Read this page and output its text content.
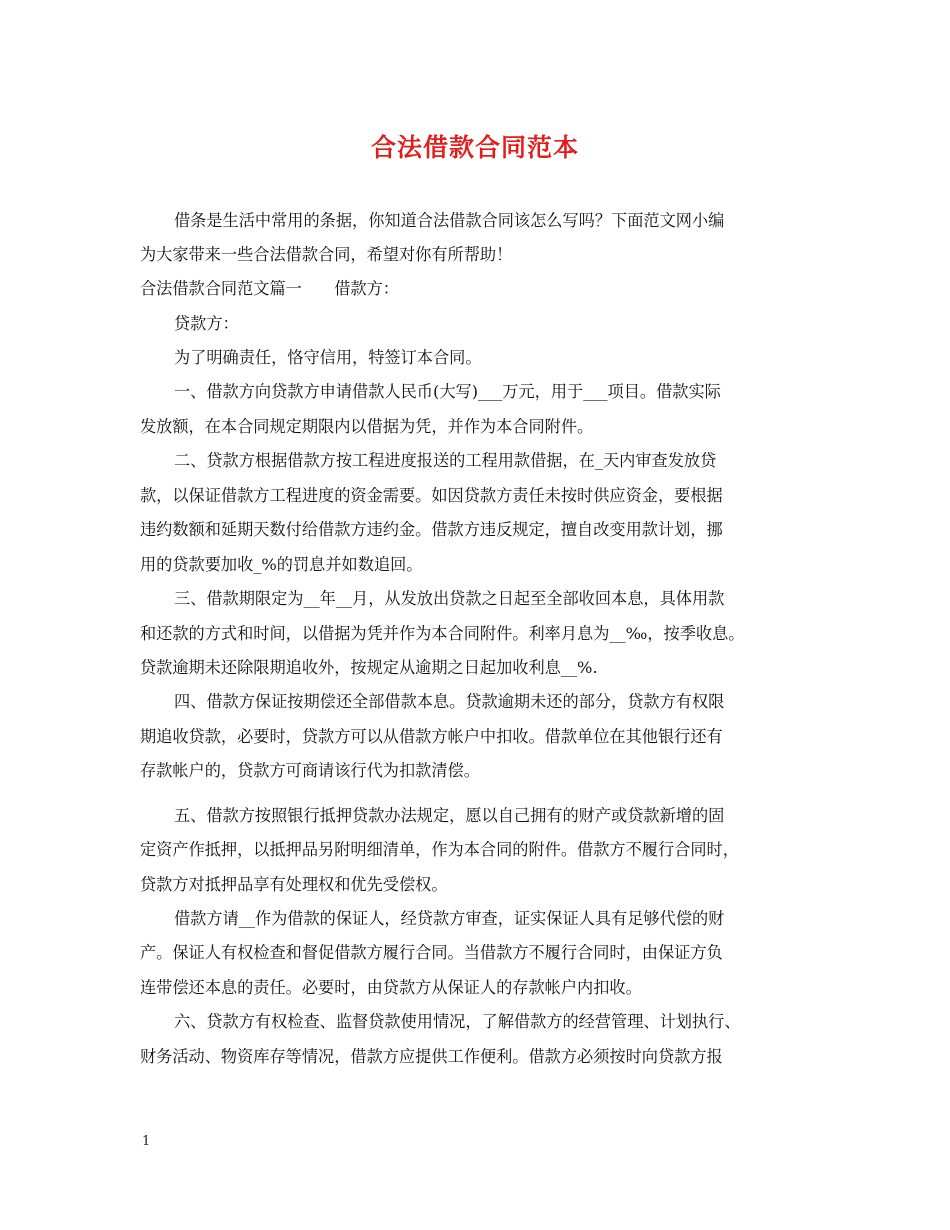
合法借款合同范本
借条是生活中常用的条据，你知道合法借款合同该怎么写吗？下面范文网小编
为大家带来一些合法借款合同，希望对你有所帮助！
合法借款合同范文篇一　　借款方：
贷款方：
为了明确责任，恪守信用，特签订本合同。
一、借款方向贷款方申请借款人民币(大写)___万元，用于___项目。借款实际
发放额，在本合同规定期限内以借据为凭，并作为本合同附件。
二、贷款方根据借款方按工程进度报送的工程用款借据，在_天内审查发放贷
款，以保证借款方工程进度的资金需要。如因贷款方责任未按时供应资金，要根据
违约数额和延期天数付给借款方违约金。借款方违反规定，擅自改变用款计划，挪
用的贷款要加收_%的罚息并如数追回。
三、借款期限定为__年__月，从发放出贷款之日起至全部收回本息，具体用款
和还款的方式和时间，以借据为凭并作为本合同附件。利率月息为__‰，按季收息。
贷款逾期未还除限期追收外，按规定从逾期之日起加收利息__%.
四、借款方保证按期偿还全部借款本息。贷款逾期未还的部分，贷款方有权限
期追收贷款，必要时，贷款方可以从借款方帐户中扣收。借款单位在其他银行还有
存款帐户的，贷款方可商请该行代为扣款清偿。
五、借款方按照银行抵押贷款办法规定，愿以自己拥有的财产或贷款新增的固
定资产作抵押，以抵押品另附明细清单，作为本合同的附件。借款方不履行合同时，
贷款方对抵押品享有处理权和优先受偿权。
借款方请__作为借款的保证人，经贷款方审查，证实保证人具有足够代偿的财
产。保证人有权检查和督促借款方履行合同。当借款方不履行合同时，由保证方负
连带偿还本息的责任。必要时，由贷款方从保证人的存款帐户内扣收。
六、贷款方有权检查、监督贷款使用情况，了解借款方的经营管理、计划执行、
财务活动、物资库存等情况，借款方应提供工作便利。借款方必须按时向贷款方报
1
